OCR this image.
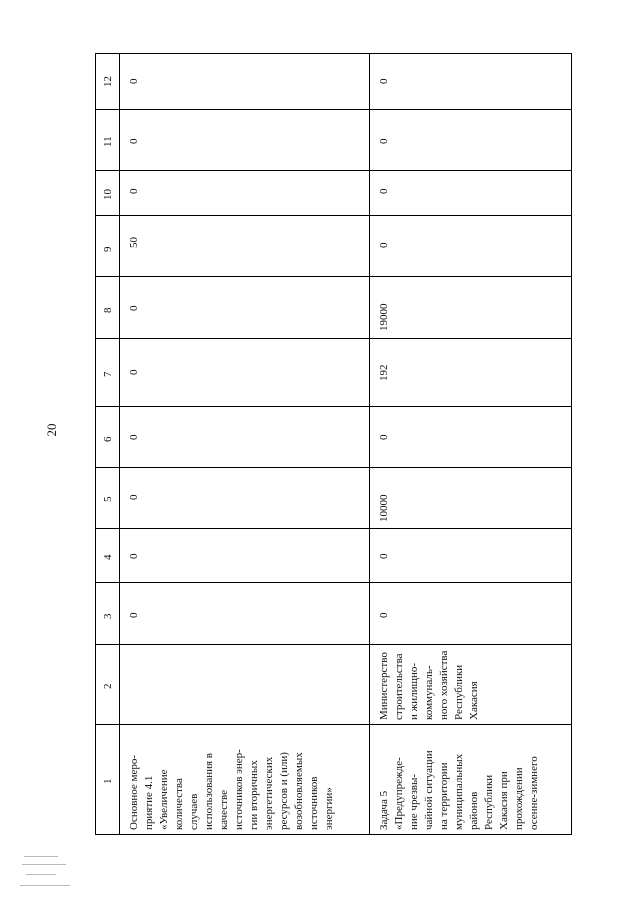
20
12
11
10
9
8
7
6
5
4
3
2
1
0
0
0
50
0
0
0
0
0
0
Основное меро- приятие 4.1 «Увеличение количества случаев использования в качестве источников энер- гии вторичных энергетических ресурсов и (или) возобновляемых источников энергии»
0
0
0
0
19000
192
0
10000
0
0
Министерство строительства и жилищно- коммуналь- ного хозяйства Республики Хакасия
Задача 5 «Предупрежде- ние чрезвы- чайной ситуации на территории муниципальных районов Республики Хакасия при прохождении осенне-зимнего
